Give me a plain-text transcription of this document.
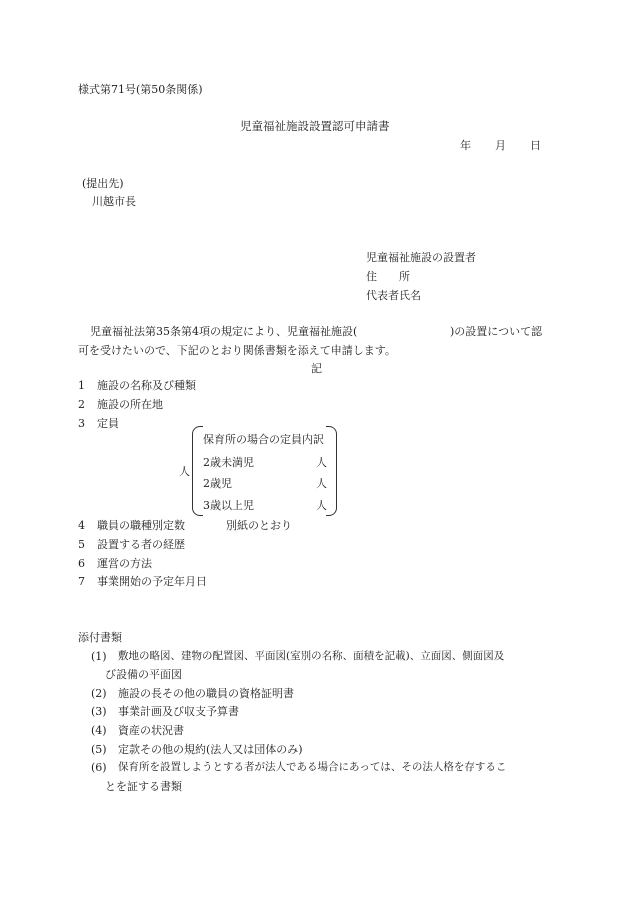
様式第71号(第50条関係)
児童福祉施設設置認可申請書
年 月 日
(提出先)
川越市長
児童福祉施設の設置者
住　　所
代表者氏名
児童福祉法第35条第4項の規定により、児童福祉施設(	)の設置について認
可を受けたいので、下記のとおり関係書類を添えて申請します。
記
1 施設の名称及び種類
2 施設の所在地
3 定員
人
保育所の場合の定員内訳
2歳未満児	人
2歳児	人
3歳以上児	人
4 職員の職種別定数	別紙のとおり
5 設置する者の経歴
6 運営の方法
7 事業開始の予定年月日
添付書類
(1) 敷地の略図、建物の配置図、平面図(室別の名称、面積を記載)、立面図、側面図及
び設備の平面図
(2) 施設の長その他の職員の資格証明書
(3) 事業計画及び収支予算書
(4) 資産の状況書
(5) 定款その他の規約(法人又は団体のみ)
(6) 保育所を設置しようとする者が法人である場合にあっては、その法人格を存するこ
とを証する書類
